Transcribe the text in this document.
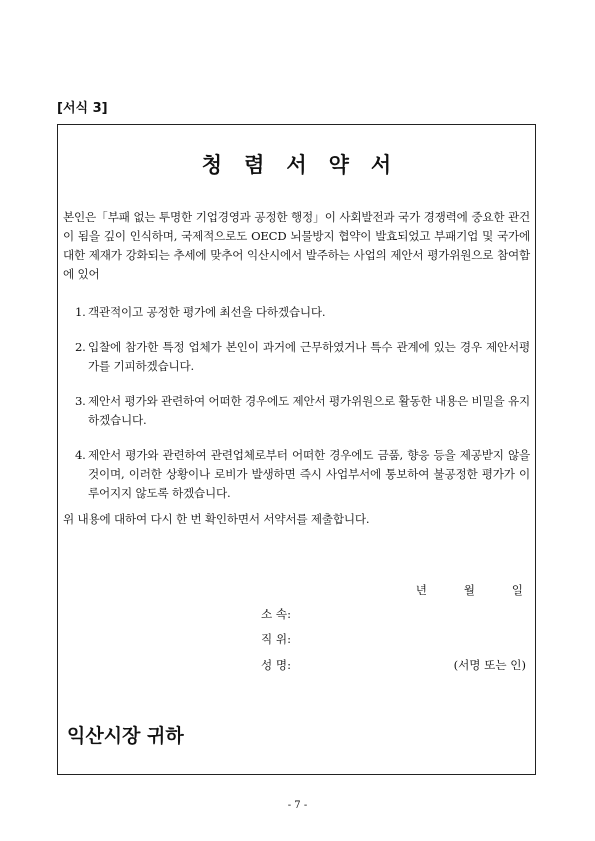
[서식 3]
청렴서약서

본인은「부패 없는 투명한 기업경영과 공정한 행정」이 사회발전과 국가 경쟁력에 중요한 관건이 됨을 깊이 인식하며, 국제적으로도 OECD 뇌물방지 협약이 발효되었고 부패기업 및 국가에 대한 제재가 강화되는 추세에 맞추어 익산시에서 발주하는 사업의 제안서 평가위원으로 참여함에 있어

1. 객관적이고 공정한 평가에 최선을 다하겠습니다.
2. 입찰에 참가한 특정 업체가 본인이 과거에 근무하였거나 특수 관계에 있는 경우 제안서평가를 기피하겠습니다.
3. 제안서 평가와 관련하여 어떠한 경우에도 제안서 평가위원으로 활동한 내용은 비밀을 유지하겠습니다.
4. 제안서 평가와 관련하여 관련업체로부터 어떠한 경우에도 금품, 향응 등을 제공받지 않을 것이며, 이러한 상황이나 로비가 발생하면 즉시 사업부서에 통보하여 불공정한 평가가 이루어지지 않도록 하겠습니다.

위 내용에 대하여 다시 한 번 확인하면서 서약서를 제출합니다.

년	월	일
소 속:
직 위:
성 명:	(서명 또는 인)
익산시장 귀하
- 7 -
